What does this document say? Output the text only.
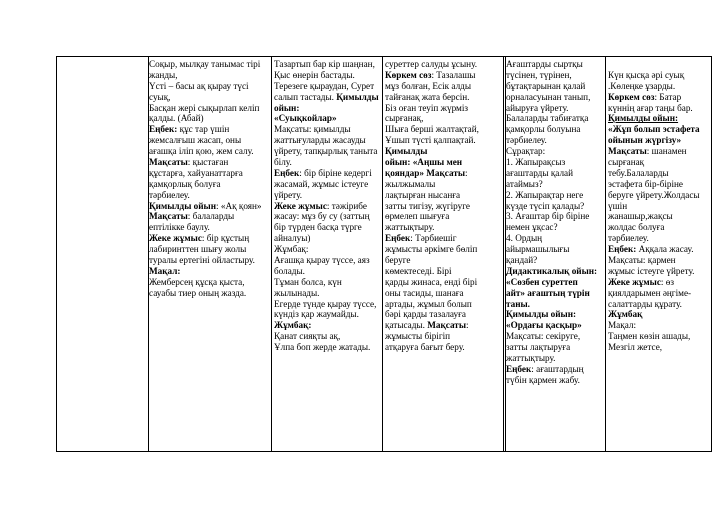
Соқыр, мылқау танымас тірі
жанды,
Үсті – басы ақ қырау түсі
суық,
Басқан жері сықырлап келіп
қалды. (Абай)
Еңбек: құс тар үшін
жемсалғыш жасап, оны
ағашқа іліп қою, жем салу.
Мақсаты: қыстаған
құстарға, хайуанаттарға
қамқорлық болуға
тәрбиелеу.
Қимылды ойын: «Ақ қоян»
Мақсаты: балаларды
ептілікке баулу.
Жеке жұмыс: бір құстың
лабиринттен шығу жолы
туралы ертегіні ойластыру.
Мақал:
Жемберсең құсқа қыста,
сауабы тиер оның жазда.
Тазартып бар кір шаңнан,
Қыс өнерін бастады.
Терезеге қыраудан, Сурет
салып тастады. Қимылды
ойын:
«Суықкойлар»
Мақсаты: қимылды
жаттығуларды жасауды
үйрету, тапқырлық таныта
білу.
Еңбек: бір біріне кедергі
жасамай, жұмыс істеуге
үйрету.
Жеке жұмыс: тәжірибе
жасау: мұз бу су (заттың
бір түрден басқа түрге
айналуы)
Жұмбақ:
Ағашқа қырау түссе, аяз
болады.
Тұман болса, күн
жылынады.
Егерде түнде қырау түссе,
күндіз қар жаумайды.
Жұмбақ:
Қанат сияқты ақ,
Ұлпа боп жерде жатады.
суреттер салуды ұсыну.
Көркем сөз: Тазалашы
мұз болған, Есік алды
тайғанақ жата берсін.
Біз оған теуіп жүрміз
сырғанақ,
Шыға берші жалтақтай,
Ұшып түсті қалпақтай.
Қимылды
ойын: «Аңшы мен
қояндар» Мақсаты:
жылжымалы
лақтырған нысанға
затты тигізу, жүгіруге
өрмелеп шығуға
жаттықтыру.
Еңбек: Тәрбиешіг
жұмысты әркімге бөліп
беруге
көмектеседі. Бірі
қарды жинаса, енді бірі
оны тасиды, шанаға
артады, жұмыл болып
бәрі қарды тазалауға
қатысады. Мақсаты:
жұмысты бірігіп
атқаруға бағыт беру.
Ағаштарды сыртқы
түсінен, түрінен,
бұтақтарынан қалай
орналасуынан танып,
айыруға үйрету.
Балаларды табиғатқа
қамқорлы болуына
тәрбиелеу.
Сұрақтар:
1. Жапырақсыз
ағаштарды қалай
атаймыз?
2. Жапырақтар неге
күзде түсіп қалады?
3. Ағаштар бір біріне
немен ұқсас?
4. Ордың
айырмашылығы
қандай?
Дидактикалық ойын:
«Сөзбен суреттеп
айт» ағаштың түрін
таны.
Қимылды ойын:
«Ордағы қасқыр»
Мақсаты: секіруге,
затты лақтыруға
жаттықтыру.
Еңбек: ағаштардың
түбін қармен жабу.
Күн қысқа әрі суық
.Көлеңке ұзарды.
Көркем сөз: Батар
күннің ағар таңы бар.
Қимылды ойын:
«Жұп болып эстафета
ойынын жүргізу»
Мақсаты: шанамен
сырғанақ
тебу.Балаларды
эстафета бір-біріне
беруге үйрету.Жолдасы
үшін
жанашыр,жақсы
жолдас болуға
тәрбиелеу.
Еңбек: Аққала жасау.
Мақсаты: қармен
жұмыс істеуге үйрету.
Жеке жұмыс: өз
қиялдарымен әңгіме-
салаттарды құрату.
Жұмбақ
Мақал:
Таңмен көзін ашады,
Мезгіл жетсе,
